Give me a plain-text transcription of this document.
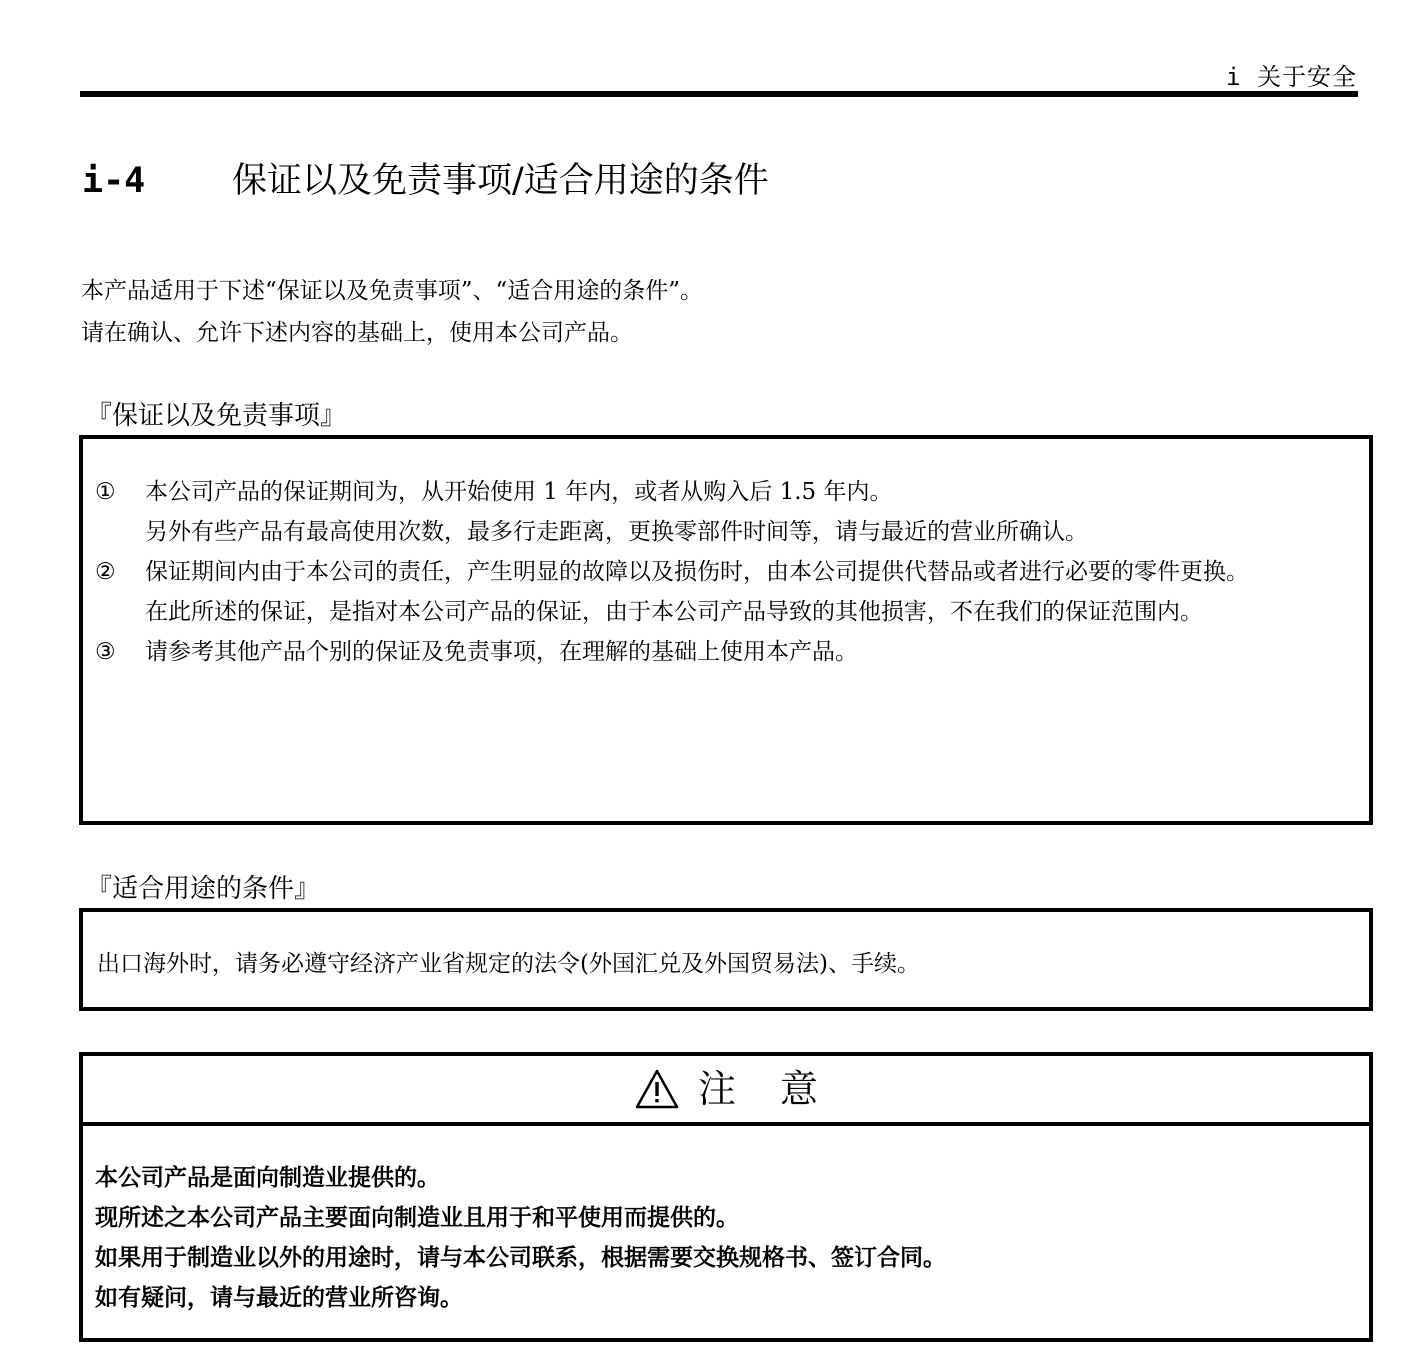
i 关于安全
i-4 保证以及免责事项/适合用途的条件
本产品适用于下述“保证以及免责事项”、“适合用途的条件”。
请在确认、允许下述内容的基础上，使用本公司产品。
『保证以及免责事项』
①	本公司产品的保证期间为，从开始使用 1 年内，或者从购入后 1.5 年内。
另外有些产品有最高使用次数，最多行走距离，更换零部件时间等，请与最近的营业所确认。
②	保证期间内由于本公司的责任，产生明显的故障以及损伤时，由本公司提供代替品或者进行必要的零件更换。
在此所述的保证，是指对本公司产品的保证，由于本公司产品导致的其他损害，不在我们的保证范围内。
③	请参考其他产品个别的保证及免责事项，在理解的基础上使用本产品。
『适合用途的条件』
出口海外时，请务必遵守经济产业省规定的法令(外国汇兑及外国贸易法)、手续。
注意
本公司产品是面向制造业提供的。
现所述之本公司产品主要面向制造业且用于和平使用而提供的。
如果用于制造业以外的用途时，请与本公司联系，根据需要交换规格书、签订合同。
如有疑问，请与最近的营业所咨询。
